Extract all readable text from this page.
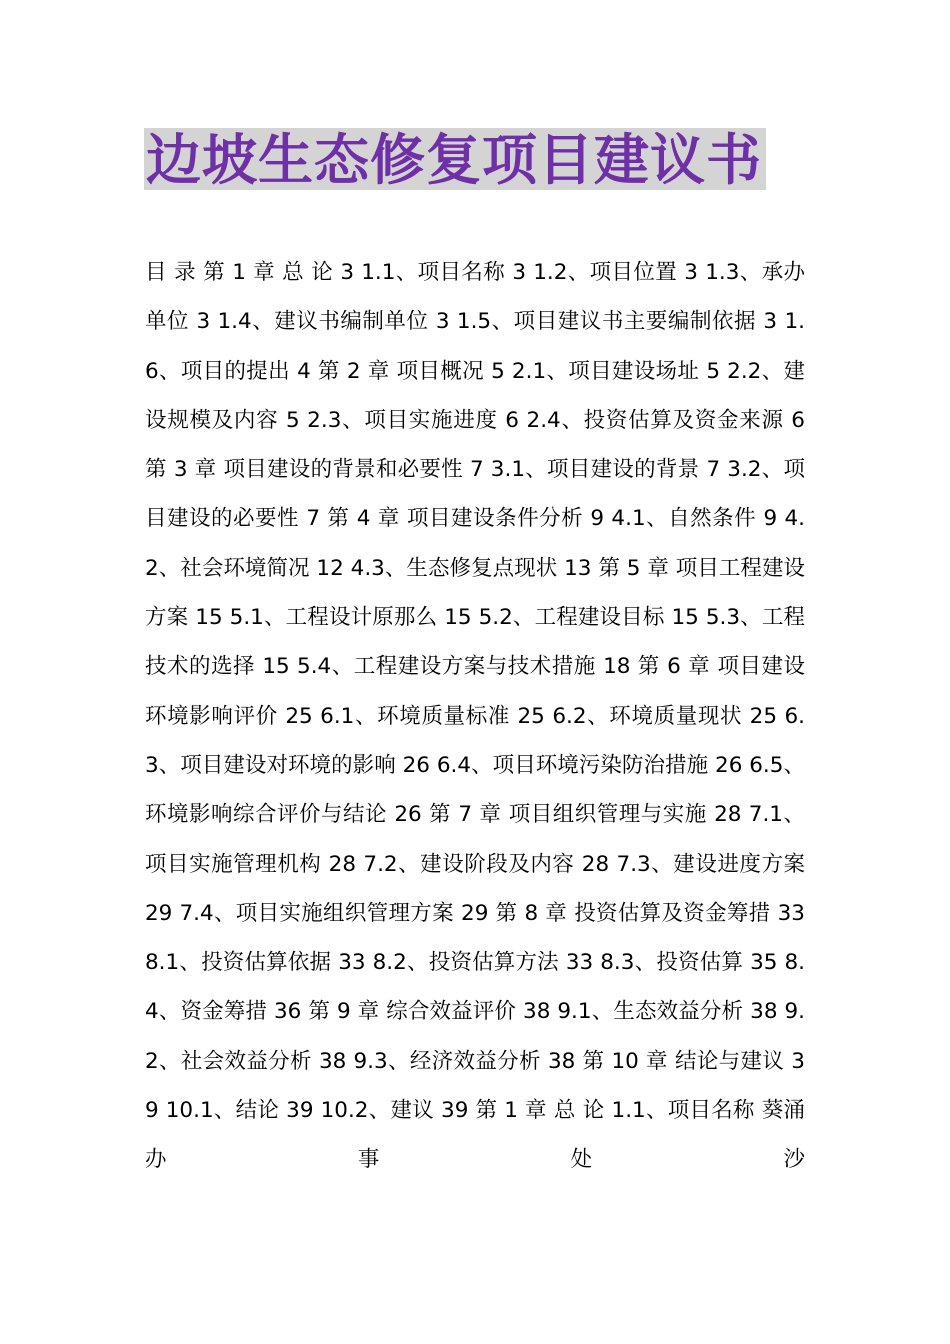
边坡生态修复项目建议书

目 录 第 1 章 总 论 3 1.1、项目名称 3 1.2、项目位置 3 1.3、承办单位 3 1.4、建议书编制单位 3 1.5、项目建议书主要编制依据 3 1.6、项目的提出 4 第 2 章 项目概况 5 2.1、项目建设场址 5 2.2、建设规模及内容 5 2.3、项目实施进度 6 2.4、投资估算及资金来源 6 第 3 章 项目建设的背景和必要性 7 3.1、项目建设的背景 7 3.2、项目建设的必要性 7 第 4 章 项目建设条件分析 9 4.1、自然条件 9 4.2、社会环境简况 12 4.3、生态修复点现状 13 第 5 章 项目工程建设方案 15 5.1、工程设计原那么 15 5.2、工程建设目标 15 5.3、工程技术的选择 15 5.4、工程建设方案与技术措施 18 第 6 章 项目建设环境影响评价 25 6.1、环境质量标准 25 6.2、环境质量现状 25 6.3、项目建设对环境的影响 26 6.4、项目环境污染防治措施 26 6.5、环境影响综合评价与结论 26 第 7 章 项目组织管理与实施 28 7.1、项目实施管理机构 28 7.2、建设阶段及内容 28 7.3、建设进度方案 29 7.4、项目实施组织管理方案 29 第 8 章 投资估算及资金筹措 33 8.1、投资估算依据 33 8.2、投资估算方法 33 8.3、投资估算 35 8.4、资金筹措 36 第 9 章 综合效益评价 38 9.1、生态效益分析 38 9.2、社会效益分析 38 9.3、经济效益分析 38 第 10 章 结论与建议 39 10.1、结论 39 10.2、建议 39 第 1 章 总 论 1.1、项目名称 葵涌办事处沙
